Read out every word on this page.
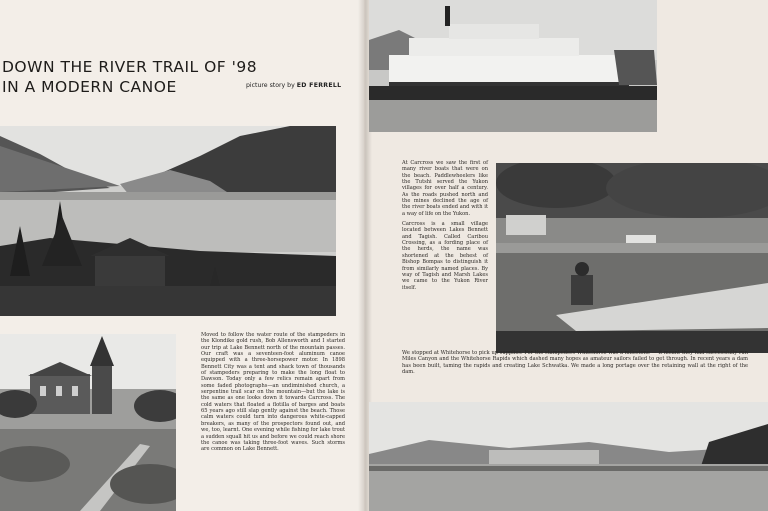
DOWN THE RIVER TRAIL OF '98
IN A MODERN CANOE	picture story by ED FERRELL

Moved to follow the water route of the stampeders in the Klondike gold rush, Bob Allensworth and I started our trip at Lake Bennett north of the mountain passes. Our craft was a seventeen-foot aluminum canoe equipped with a three-horsepower motor. In 1898 Bennett City was a tent and shack town of thousands of stampeders preparing to make the long float to Dawson. Today only a few relics remain apart from some faded photographs—an undiminished church, a serpentine trail scar on the mountain—but the lake is the same as one looks down it towards Carcross. The cold waters that floated a flotilla of barges and boats 65 years ago still slap gently against the beach. Those calm waters could turn into dangerous white-capped breakers, as many of the prospectors found out, and we, too, learnt. One evening while fishing for lake trout a sudden squall hit us and before we could reach shore the canoe was taking three-foot waves. Such storms are common on Lake Bennett.

At Carcross we saw the first of many river boats that were on the beach. Paddlewheelers like the Tutshi served the Yukon villages for over half a century. As the roads pushed north and the mines declined the age of the river boats ended and with it a way of life on the Yukon.

Carcross is a small village located between Lakes Bennett and Tagish. Called Caribou Crossing, as a fording place of the herds, the name was shortened at the behest of Bishop Bompas to distinguish it from similarly named places. By way of Tagish and Marsh Lakes we came to the Yukon River itself.

We stopped at Whitehorse to pick up supplies. For the stampeders Whitehorse was a milestone — it meant they had successfully run Miles Canyon and the Whitehorse Rapids which dashed many hopes as amateur sailors failed to get through. In recent years a dam has been built, taming the rapids and creating Lake Schwatka. We made a long portage over the retaining wall at the right of the dam.
